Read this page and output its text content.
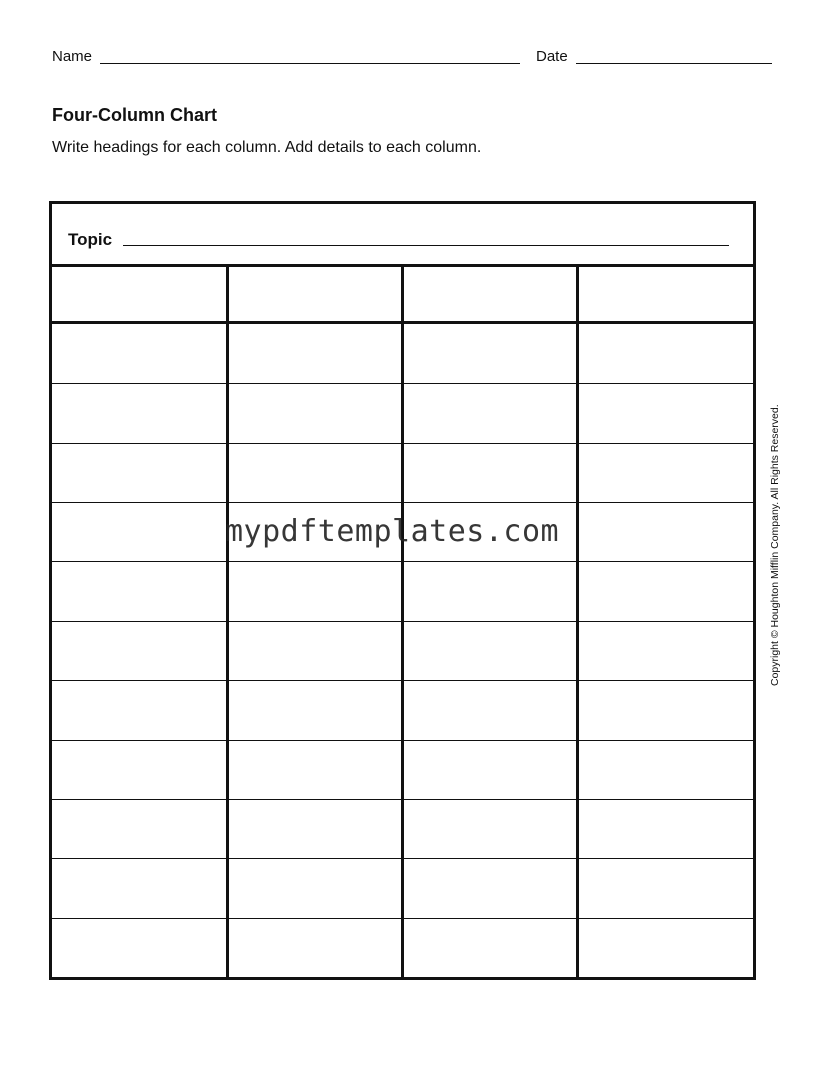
Name	Date
Four-Column Chart

Write headings for each column. Add details to each column.

Topic
mypdftemplates.com	Copyright © Houghton Mifflin Company. All Rights Reserved.
